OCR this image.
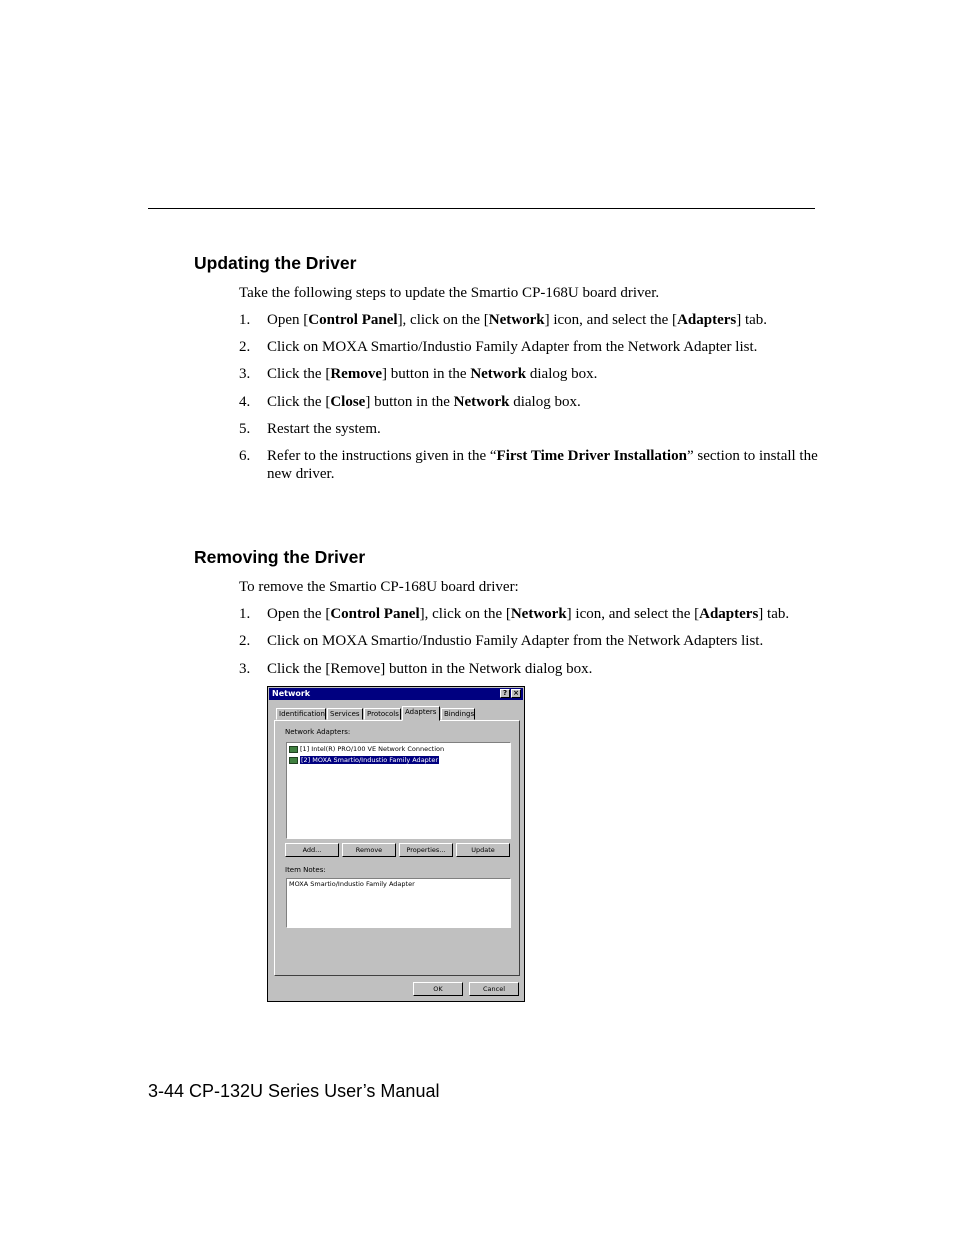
Updating the Driver

Take the following steps to update the Smartio CP-168U board driver.

1. Open [Control Panel], click on the [Network] icon, and select the [Adapters] tab.
2. Click on MOXA Smartio/Industio Family Adapter from the Network Adapter list.
3. Click the [Remove] button in the Network dialog box.
4. Click the [Close] button in the Network dialog box.
5. Restart the system.
6. Refer to the instructions given in the “First Time Driver Installation” section to install the new driver.
Removing the Driver

To remove the Smartio CP-168U board driver:

1. Open the [Control Panel], click on the [Network] icon, and select the [Adapters] tab.
2. Click on MOXA Smartio/Industio Family Adapter from the Network Adapters list.
3. Click the [Remove] button in the Network dialog box.
Network	? ×
Identification Services	Protocols Adapters	Bindings
Network Adapters:
[1] Intel(R) PRO/100 VE Network Connection
[2] MOXA Smartio/Industio Family Adapter
Add...	Remove	Properties...	Update
Item Notes:
MOXA Smartio/Industio Family Adapter
OK	Cancel
3-44 CP-132U Series User’s Manual
